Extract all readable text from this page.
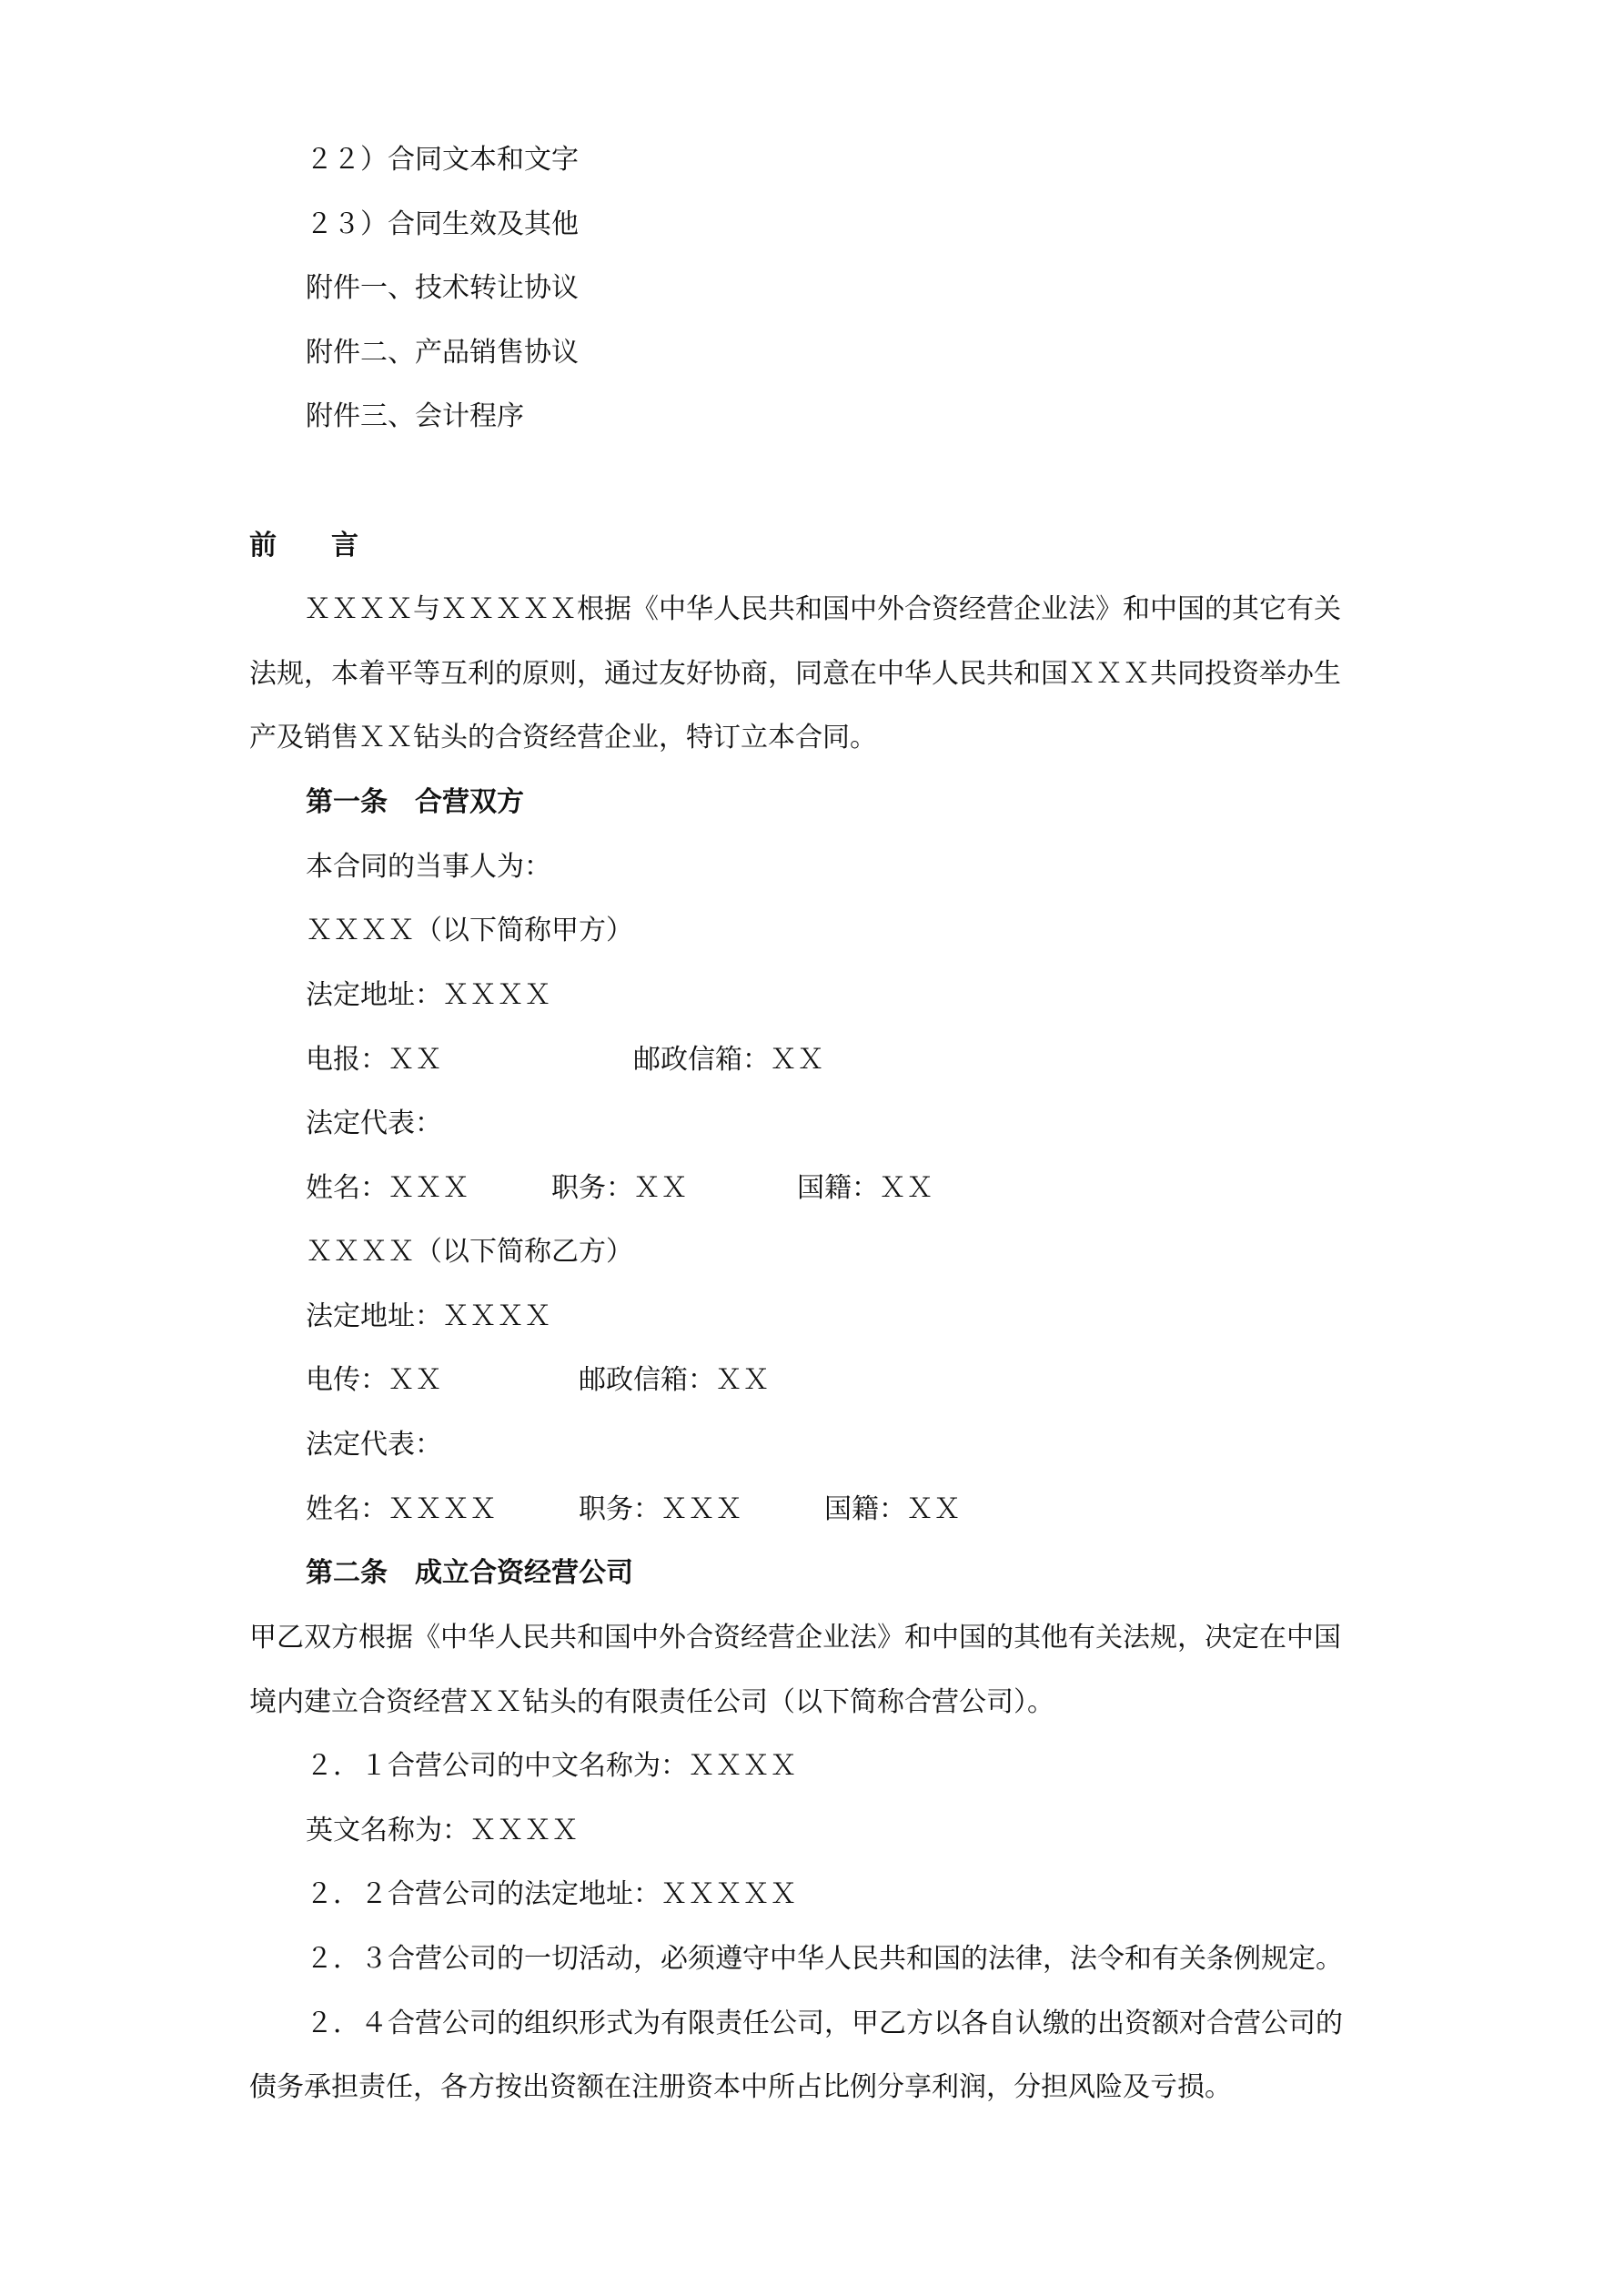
２２）合同文本和文字
２３）合同生效及其他
附件一、技术转让协议
附件二、产品销售协议
附件三、会计程序
前　　言
　　ＸＸＸＸ与ＸＸＸＸＸ根据《中华人民共和国中外合资经营企业法》和中国的其它有关
法规，本着平等互利的原则，通过友好协商，同意在中华人民共和国ＸＸＸ共同投资举办生
产及销售ＸＸ钻头的合资经营企业，特订立本合同。
第一条　合营双方
本合同的当事人为：
ＸＸＸＸ（以下简称甲方）
法定地址：ＸＸＸＸ
电报：ＸＸ　　　　　　　邮政信箱：ＸＸ
法定代表：
姓名：ＸＸＸ　　　职务：ＸＸ　　　　国籍：ＸＸ
ＸＸＸＸ（以下简称乙方）
法定地址：ＸＸＸＸ
电传：ＸＸ　　　　　邮政信箱：ＸＸ
法定代表：
姓名：ＸＸＸＸ　　　职务：ＸＸＸ　　　国籍：ＸＸ
第二条　成立合资经营公司
甲乙双方根据《中华人民共和国中外合资经营企业法》和中国的其他有关法规，决定在中国
境内建立合资经营ＸＸ钻头的有限责任公司（以下简称合营公司）。
２．１合营公司的中文名称为：ＸＸＸＸ
英文名称为：ＸＸＸＸ
２．２合营公司的法定地址：ＸＸＸＸＸ
２．３合营公司的一切活动，必须遵守中华人民共和国的法律，法令和有关条例规定。
２．４合营公司的组织形式为有限责任公司，甲乙方以各自认缴的出资额对合营公司的
债务承担责任，各方按出资额在注册资本中所占比例分享利润，分担风险及亏损。
